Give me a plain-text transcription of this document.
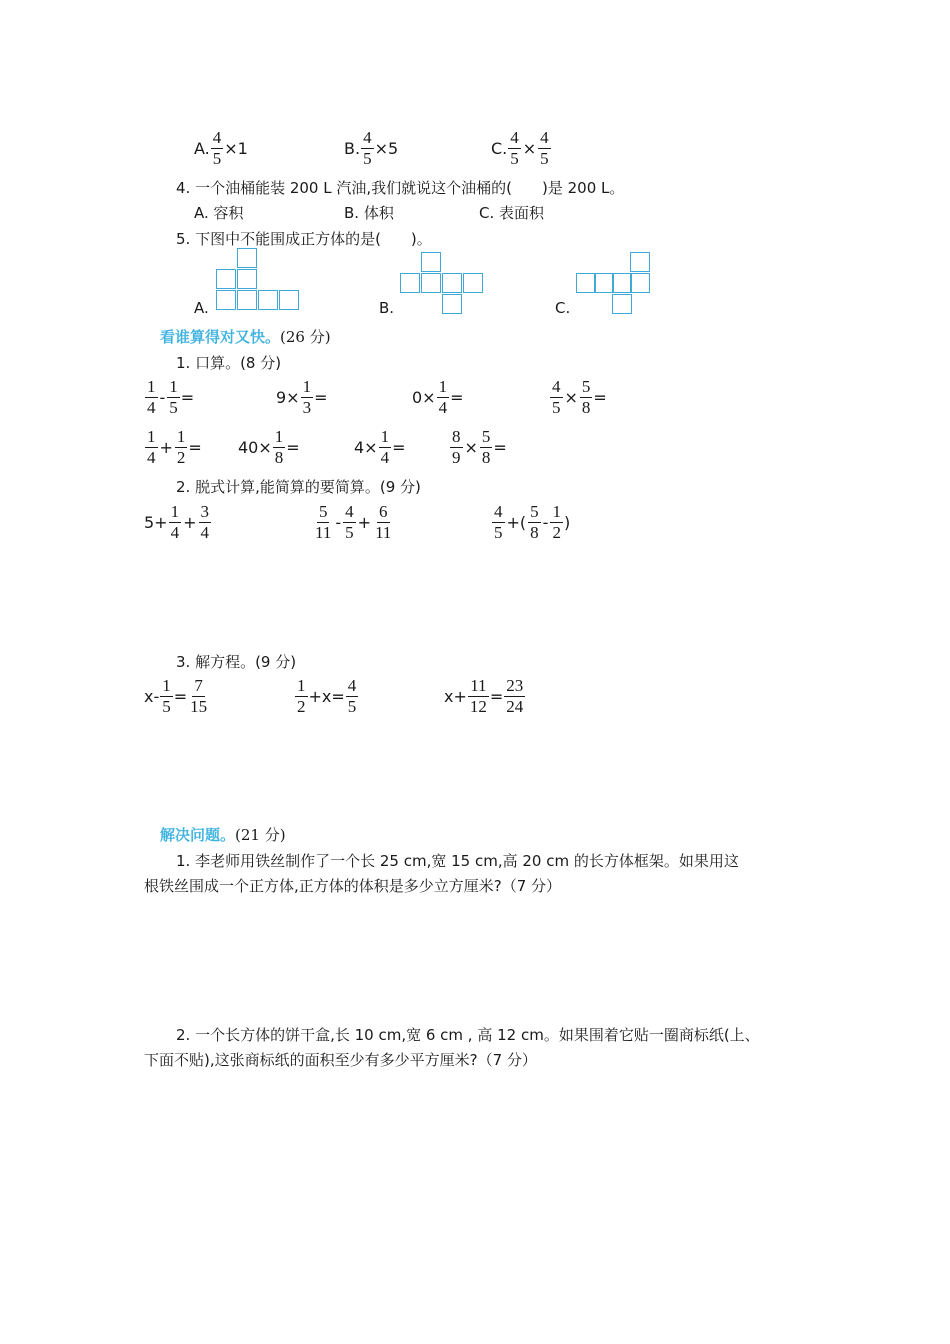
A. $\frac{4}{5} \times 1$	B. $\frac{4}{5} \times 5$	C. $\frac{4}{5} \times \frac{4}{5}$
4. 一个油桶能装 200 L 汽油,我们就说这个油桶的(　　)是 200 L。
A. 容积	B. 体积	C. 表面积
5. 下图中不能围成正方体的是(　　)。
A.	B.	C.
看谁算得对又快。(26 分)
1. 口算。(8 分)
$\frac{1}{4} - \frac{1}{5}$ =	$9\times \frac{1}{3}$ =	$0\times \frac{1}{4}$ =	$\frac{4}{5} \times \frac{5}{8}$ =
$\frac{1}{4} + \frac{1}{2} = 40\times \frac{1}{8}$ =	$4\times \frac{1}{4}$ =	$\frac{8}{9} \times \frac{5}{8}$ =
2. 脱式计算,能简算的要简算。(9 分)
$5+ \frac{1}{4} + \frac{3}{4}$	$\frac{5}{11} - \frac{4}{5} + \frac{6}{11}$	$\frac{4}{5}$ +( $\frac{5}{8} - \frac{1}{2}$ )
3. 解方程。(9 分)
$x- \frac{1}{5} = \frac{7}{15}$	$\frac{1}{2} +x= \frac{4}{5}$	$x+ \frac{11}{12} = \frac{23}{24}$
解决问题。(21 分)
1. 李老师用铁丝制作了一个长 25 cm,宽 15 cm,高 20 cm 的长方体框架。如果用这
根铁丝围成一个正方体,正方体的体积是多少立方厘米?（7 分）
2. 一个长方体的饼干盒,长 10 cm,宽 6 cm , 高 12 cm。如果围着它贴一圈商标纸(上、
下面不贴),这张商标纸的面积至少有多少平方厘米?（7 分）
